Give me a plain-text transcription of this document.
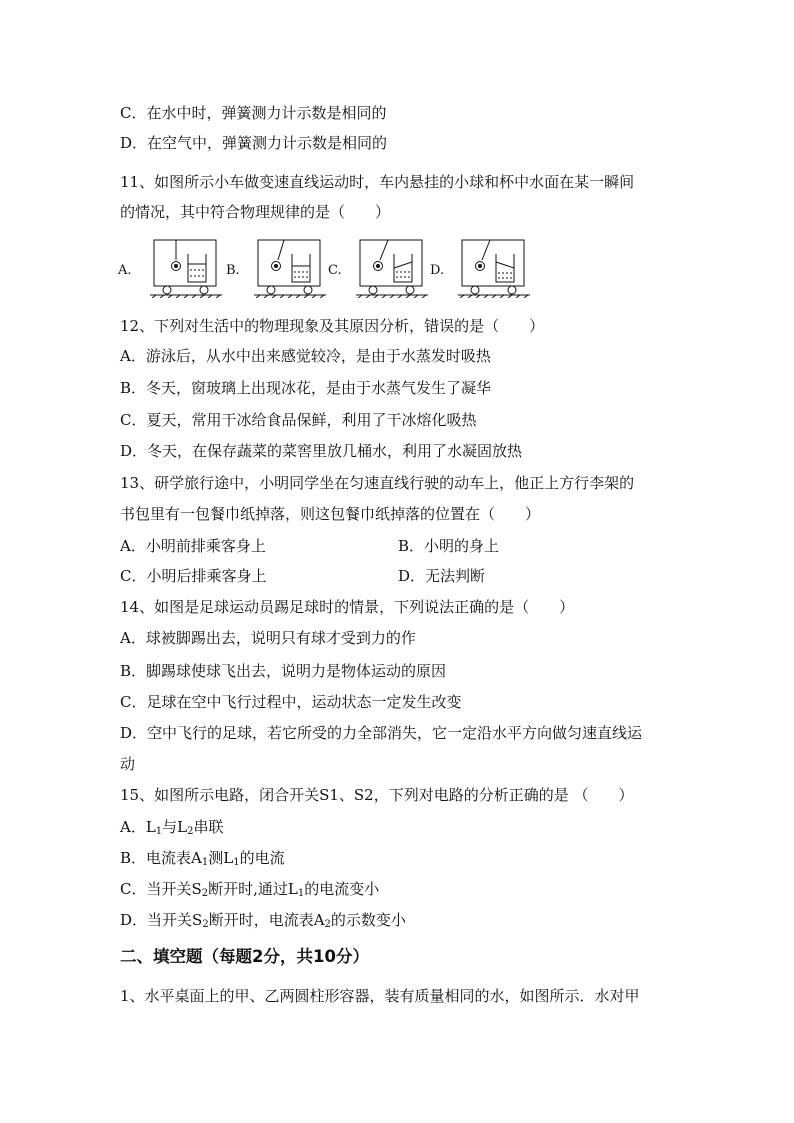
C．在水中时，弹簧测力计示数是相同的
D．在空气中，弹簧测力计示数是相同的
11、如图所示小车做变速直线运动时，车内悬挂的小球和杯中水面在某一瞬间
的情况，其中符合物理规律的是（　　）
A.	B.	C.	D.
12、下列对生活中的物理现象及其原因分析，错误的是（　　）
A．游泳后，从水中出来感觉较冷，是由于水蒸发时吸热
B．冬天，窗玻璃上出现冰花，是由于水蒸气发生了凝华
C．夏天，常用干冰给食品保鲜，利用了干冰熔化吸热
D．冬天，在保存蔬菜的菜窖里放几桶水，利用了水凝固放热
13、研学旅行途中，小明同学坐在匀速直线行驶的动车上，他正上方行李架的
书包里有一包餐巾纸掉落，则这包餐巾纸掉落的位置在（　　）
A．小明前排乘客身上	B．小明的身上
C．小明后排乘客身上	D．无法判断
14、如图是足球运动员踢足球时的情景，下列说法正确的是（　　）
A．球被脚踢出去，说明只有球才受到力的作
B．脚踢球使球飞出去，说明力是物体运动的原因
C．足球在空中飞行过程中，运动状态一定发生改变
D．空中飞行的足球，若它所受的力全部消失，它一定沿水平方向做匀速直线运
动
15、如图所示电路，闭合开关S1、S2，下列对电路的分析正确的是 （　　）
A．$L_1$与$L_2$串联
B．电流表$A_1$测$L_1$的电流
C．当开关$S_2$断开时,通过$L_1$的电流变小
D．当开关$S_2$断开时，电流表$A_2$的示数变小
二、填空题（每题2分，共10分）
1、水平桌面上的甲、乙两圆柱形容器，装有质量相同的水，如图所示．水对甲
